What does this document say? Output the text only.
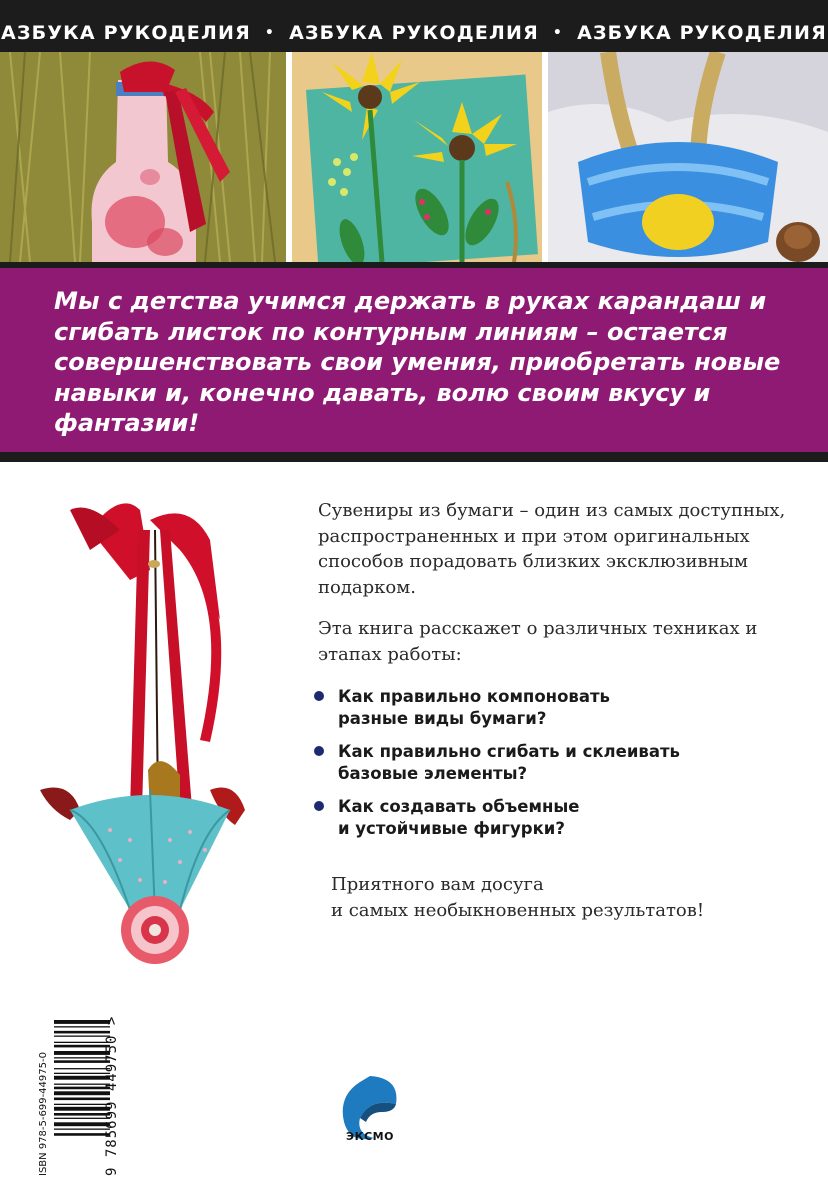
АЗБУКА РУКОДЕЛИЯ • АЗБУКА РУКОДЕЛИЯ • АЗБУКА РУКОДЕЛИЯ

Мы с детства учимся держать в руках карандаш и сгибать листок по контурным линиям – остается совершенствовать свои умения, приобретать новые навыки и, конечно давать, волю своим вкусу и фантазии!

Сувениры из бумаги – один из самых доступных, распространенных и при этом оригинальных способов порадовать близких эксклюзивным подарком.

Эта книга расскажет о различных техниках и этапах работы:

Как правильно компоновать
разные виды бумаги?
Как правильно сгибать и склеивать
базовые элементы?
Как создавать объемные
и устойчивые фигурки?

Приятного вам досуга
и самых необыкновенных результатов!

ISBN 978-5-699-44975-0	9 785699 449750 >	ЭКСМО
